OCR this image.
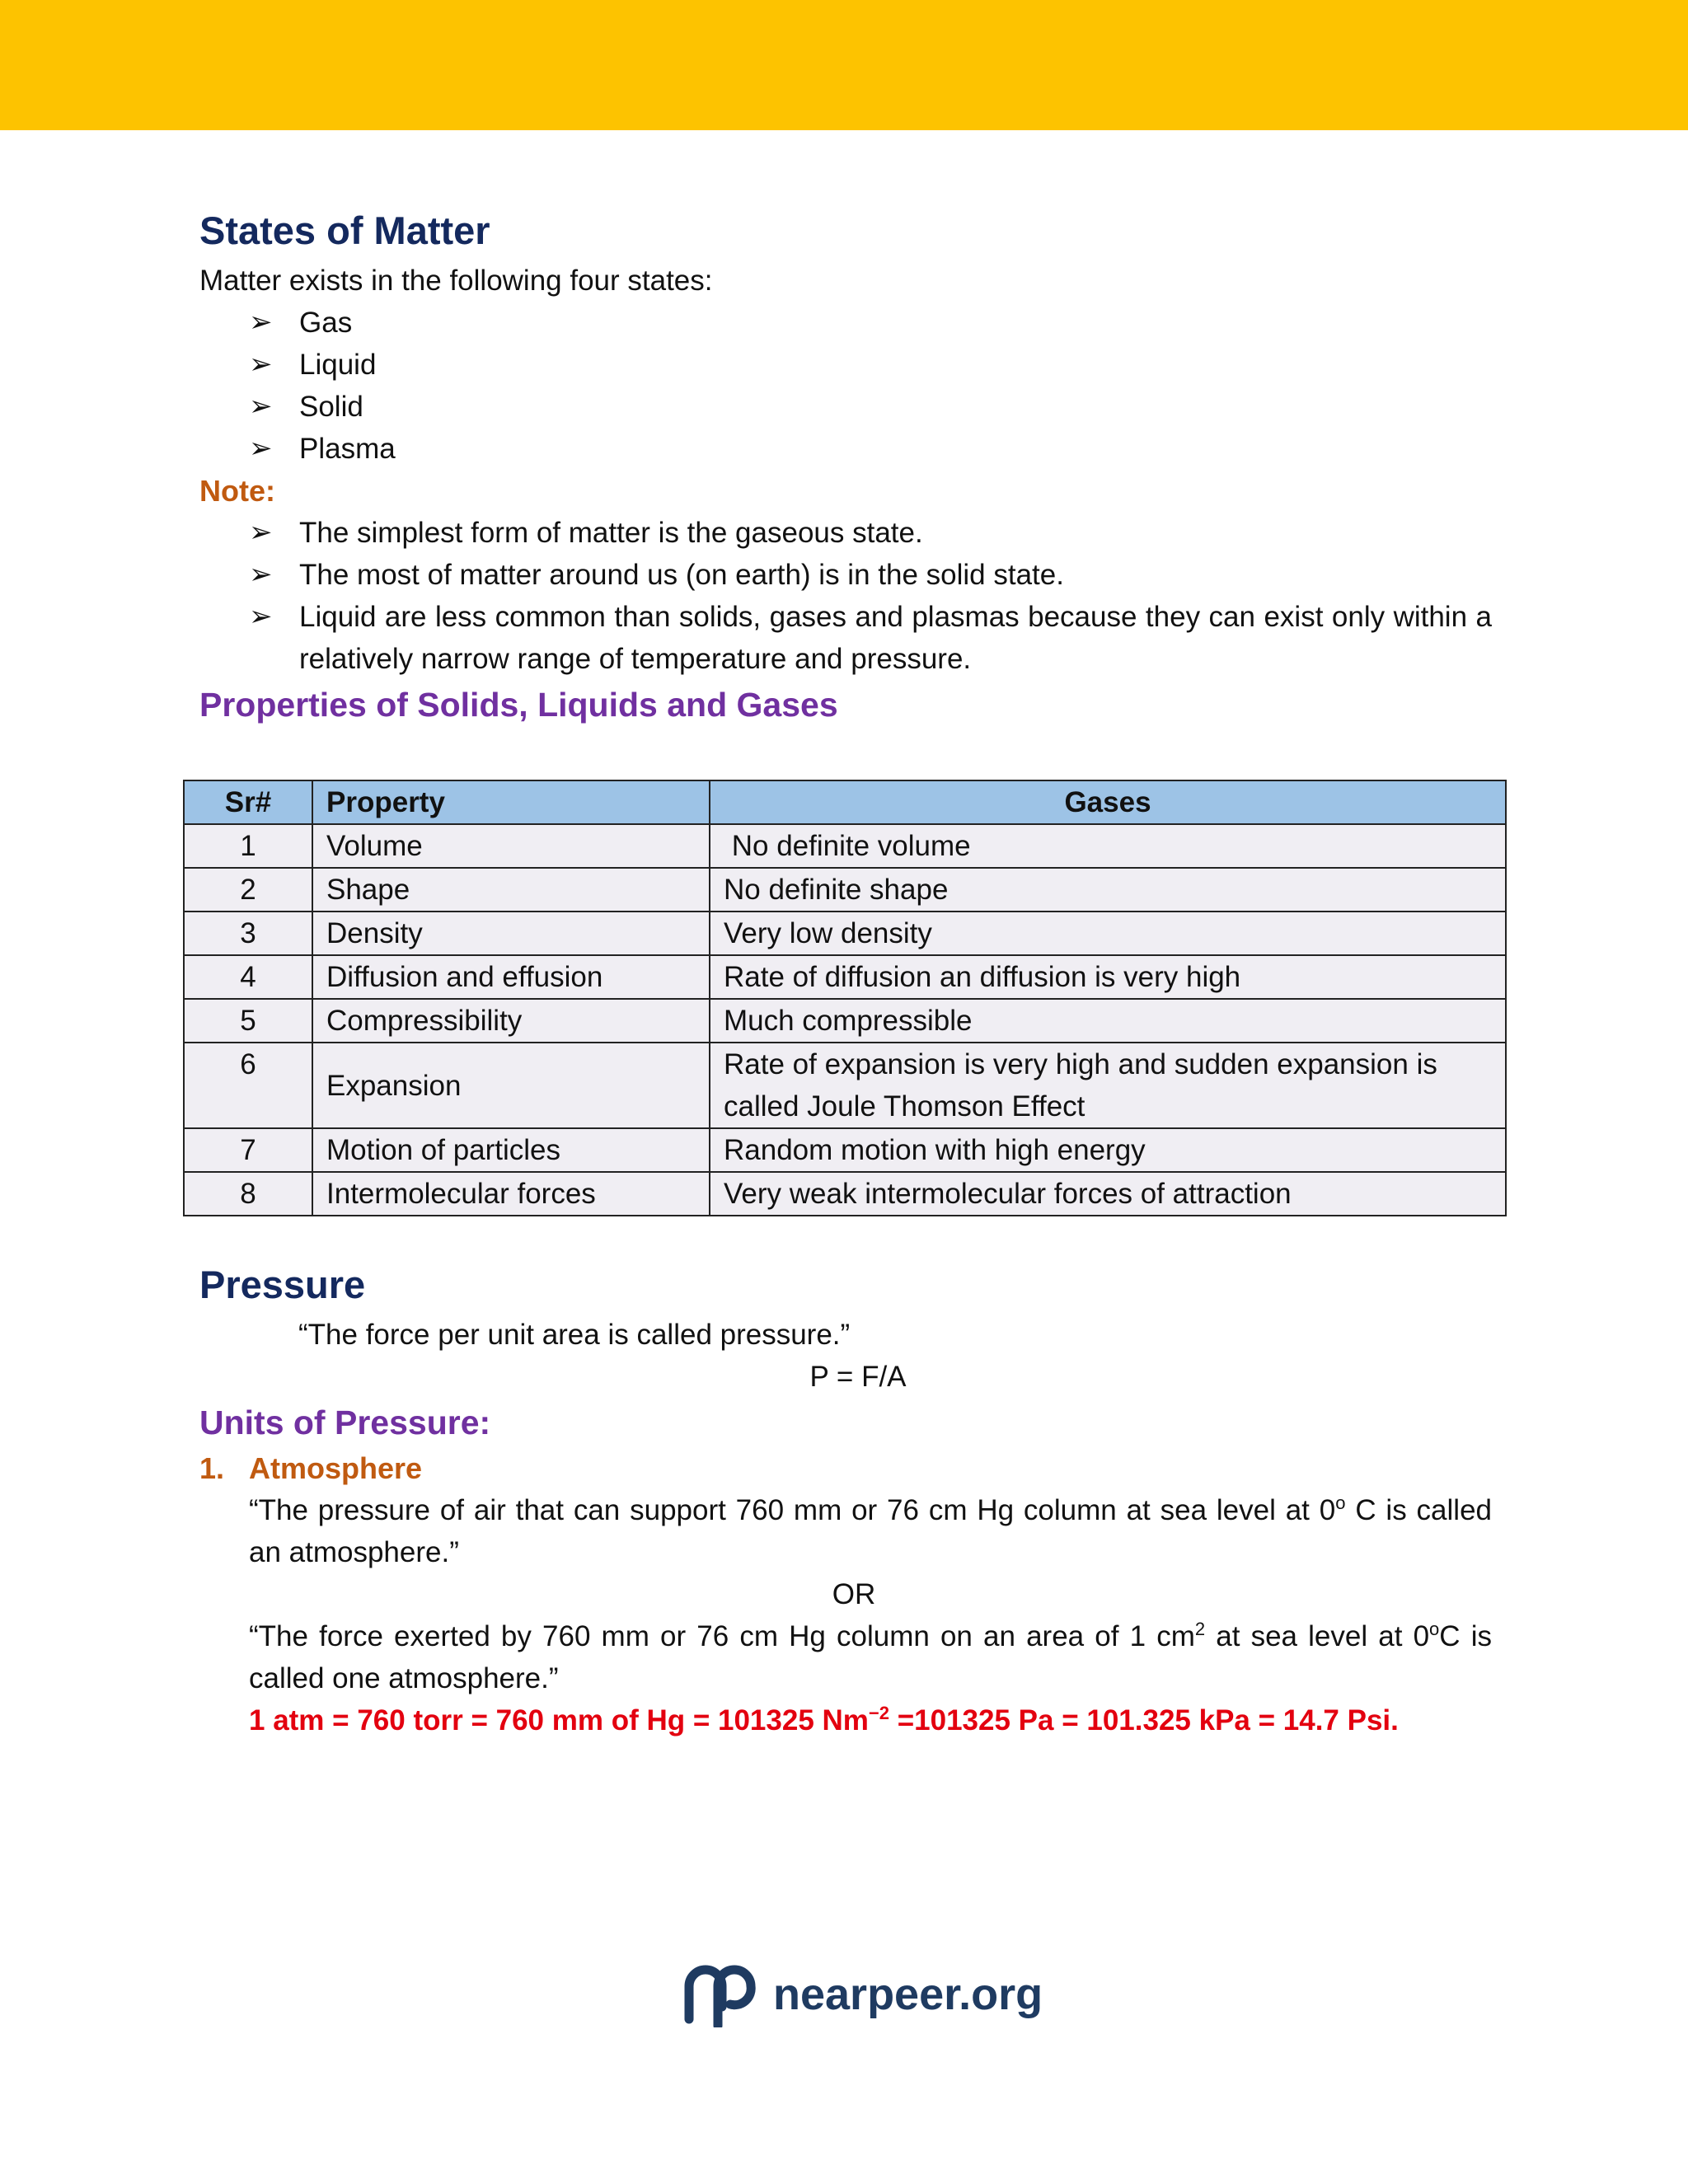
States of Matter

Matter exists in the following four states:

➢ Gas
➢ Liquid
➢ Solid
➢ Plasma
Note:
➢ The simplest form of matter is the gaseous state.
➢ The most of matter around us (on earth) is in the solid state.
➢ Liquid are less common than solids, gases and plasmas because they can exist only within a relatively narrow range of temperature and pressure.
Properties of Solids, Liquids and Gases
Sr#	Property	Gases
1	Volume	No definite volume
2	Shape	No definite shape
3	Density	Very low density
4	Diffusion and effusion	Rate of diffusion an diffusion is very high
5	Compressibility	Much compressible
6	Expansion	Rate of expansion is very high and sudden expansion is called Joule Thomson Effect
7	Motion of particles	Random motion with high energy
8	Intermolecular forces	Very weak intermolecular forces of attraction
Pressure

“The force per unit area is called pressure.”

P = F/A

Units of Pressure:
1. Atmosphere

“The pressure of air that can support 760 mm or 76 cm Hg column at sea level at 0$^o$ C is called an atmosphere.”

OR

“The force exerted by 760 mm or 76 cm Hg column on an area of 1 $cm^2$ at sea level at 0$^o$C is called one atmosphere.”

1 atm = 760 torr = 760 mm of Hg = 101325 $Nm^{-2} =101325$ Pa = 101.325 kPa = 14.7 Psi.

nearpeer.org
